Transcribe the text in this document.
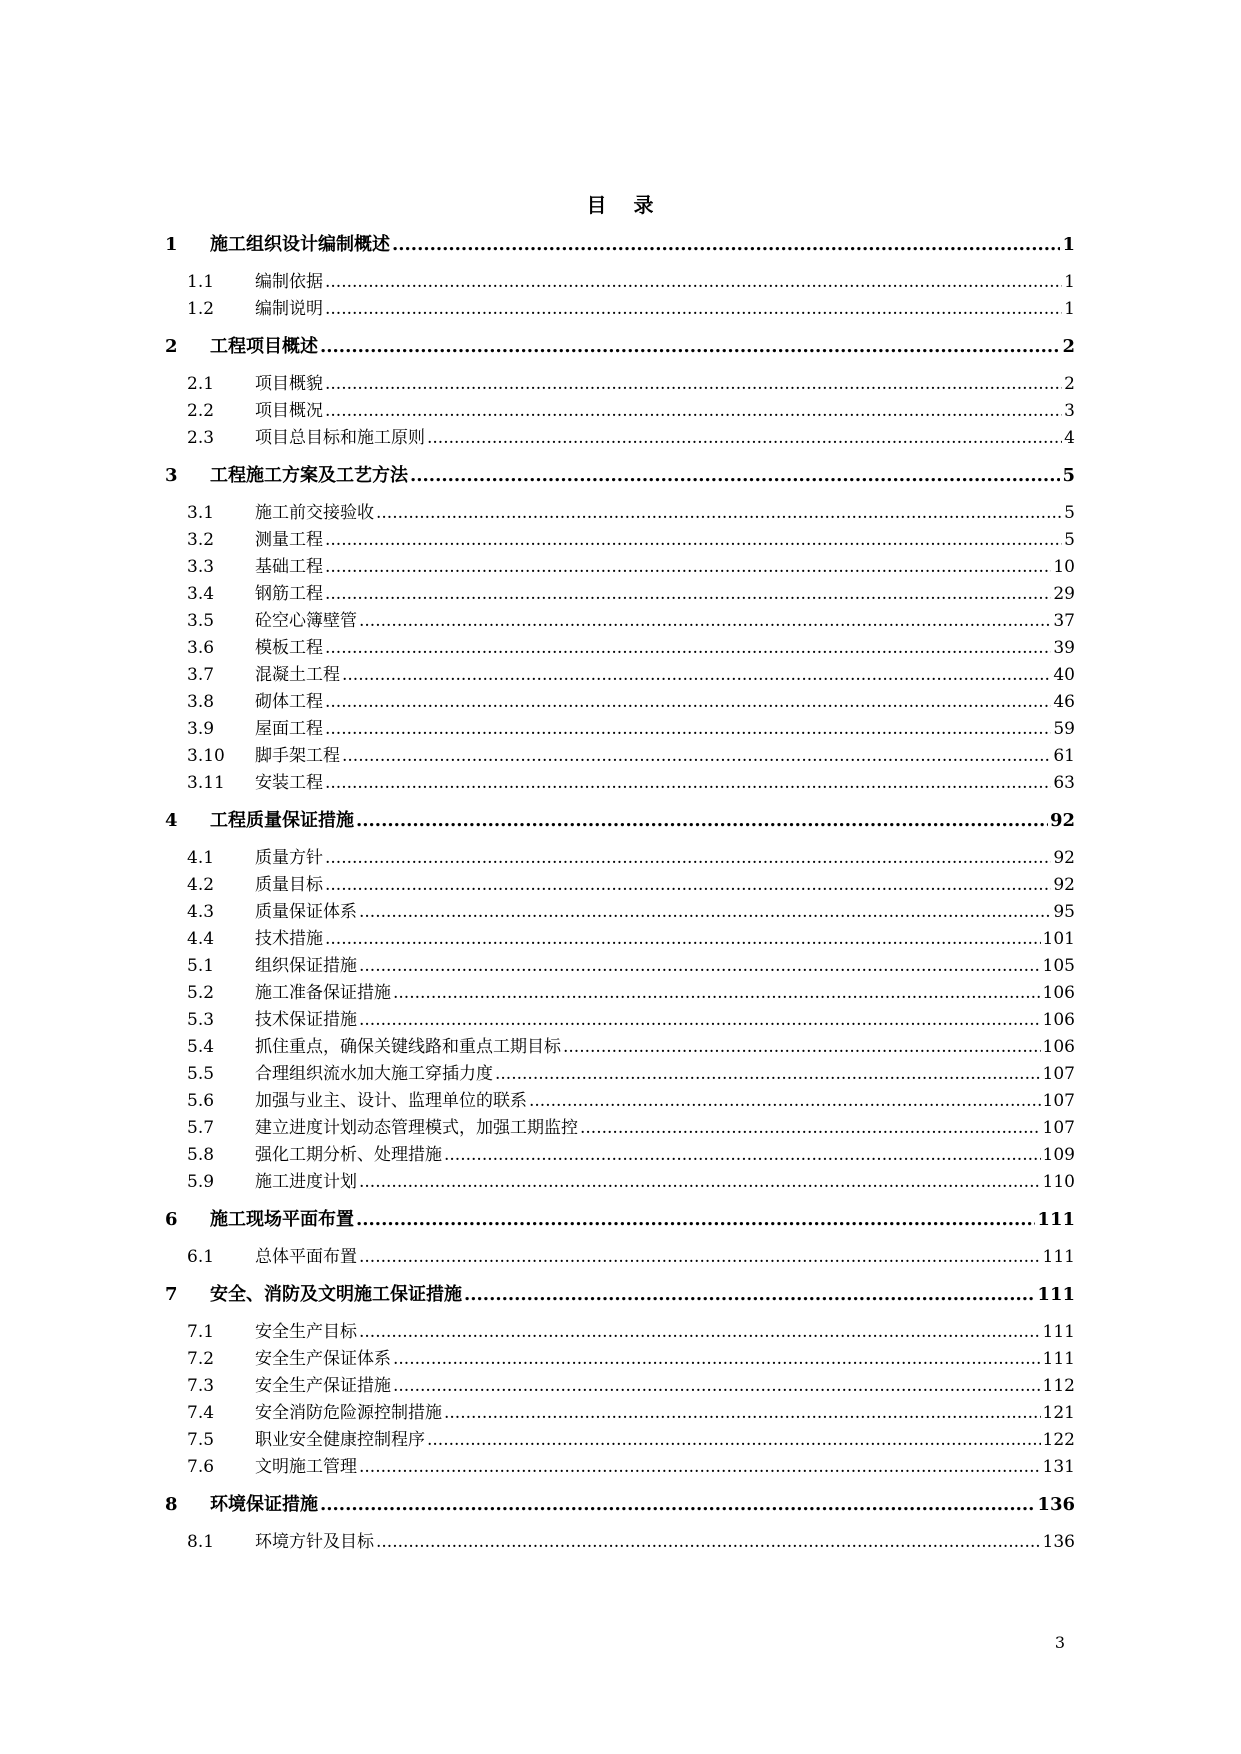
目 录
1	施工组织设计编制概述 .....	1
1.1	编制依据 .....	1
1.2	编制说明 .....	1
2	工程项目概述 .....	2
2.1	项目概貌 .....	2
2.2	项目概况 .....	3
2.3	项目总目标和施工原则 .....	4
3	工程施工方案及工艺方法 .....	5
3.1	施工前交接验收 .....	5
3.2	测量工程 .....	5
3.3	基础工程 .....	10
3.4	钢筋工程 .....	29
3.5	砼空心簿壁管 .....	37
3.6	模板工程 .....	39
3.7	混凝土工程 .....	40
3.8	砌体工程 .....	46
3.9	屋面工程 .....	59
3.10	脚手架工程 .....	61
3.11	安装工程 .....	63
4	工程质量保证措施 .....	92
4.1	质量方针 .....	92
4.2	质量目标 .....	92
4.3	质量保证体系 .....	95
4.4	技术措施 .....	101
5.1	组织保证措施 .....	105
5.2	施工准备保证措施 .....	106
5.3	技术保证措施 .....	106
5.4	抓住重点，确保关键线路和重点工期目标 .....	106
5.5	合理组织流水加大施工穿插力度 .....	107
5.6	加强与业主、设计、监理单位的联系 .....	107
5.7	建立进度计划动态管理模式，加强工期监控 .....	107
5.8	强化工期分析、处理措施 .....	109
5.9	施工进度计划 .....	110
6	施工现场平面布置 .....	111
6.1	总体平面布置 .....	111
7	安全、消防及文明施工保证措施 .....	111
7.1	安全生产目标 .....	111
7.2	安全生产保证体系 .....	111
7.3	安全生产保证措施 .....	112
7.4	安全消防危险源控制措施 .....	121
7.5	职业安全健康控制程序 .....	122
7.6	文明施工管理 .....	131
8	环境保证措施 .....	136
8.1	环境方针及目标 .....	136
3
